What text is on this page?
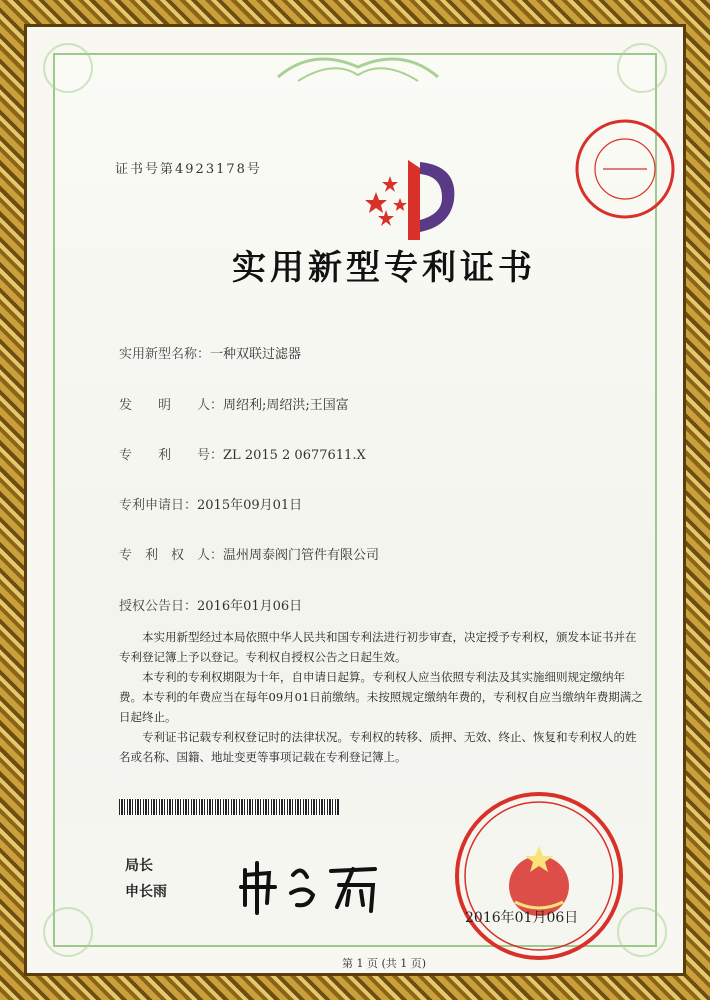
证书号第4923178号
实用新型专利证书
实用新型名称：一种双联过滤器
发　　明　　人：周绍利;周绍洪;王国富
专　　利　　号：ZL 2015 2 0677611.X
专利申请日：2015年09月01日
专　利　权　人：温州周泰阀门管件有限公司
授权公告日：2016年01月06日
本实用新型经过本局依照中华人民共和国专利法进行初步审查，决定授予专利权，颁发本证书并在专利登记簿上予以登记。专利权自授权公告之日起生效。
本专利的专利权期限为十年，自申请日起算。专利权人应当依照专利法及其实施细则规定缴纳年费。本专利的年费应当在每年09月01日前缴纳。未按照规定缴纳年费的，专利权自应当缴纳年费期满之日起终止。
专利证书记载专利权登记时的法律状况。专利权的转移、质押、无效、终止、恢复和专利权人的姓名或名称、国籍、地址变更等事项记载在专利登记簿上。
局长
申长雨
2016年01月06日
第 1 页 (共 1 页)
